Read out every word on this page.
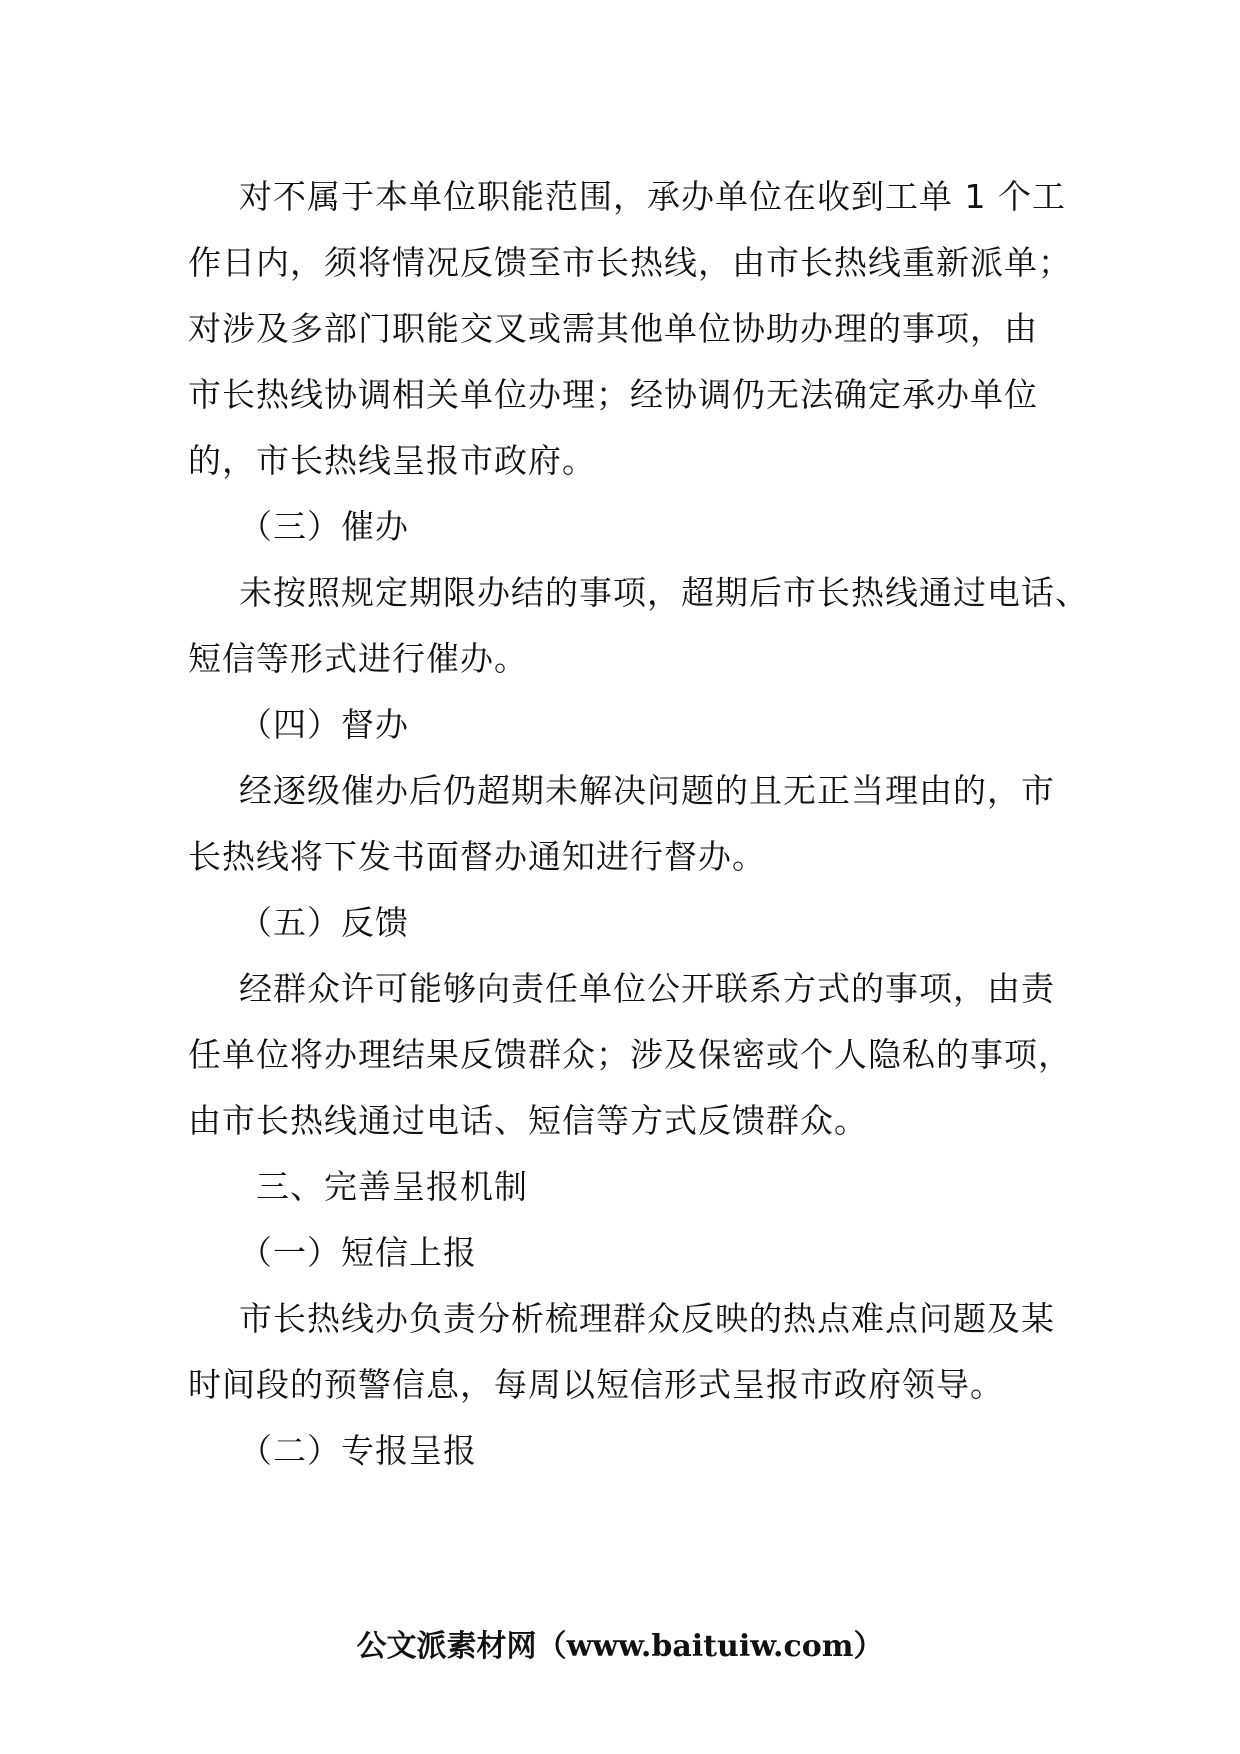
对不属于本单位职能范围，承办单位在收到工单 1 个工
作日内，须将情况反馈至市长热线，由市长热线重新派单；
对涉及多部门职能交叉或需其他单位协助办理的事项，由
市长热线协调相关单位办理；经协调仍无法确定承办单位
的，市长热线呈报市政府。
（三）催办
未按照规定期限办结的事项，超期后市长热线通过电话、
短信等形式进行催办。
（四）督办
经逐级催办后仍超期未解决问题的且无正当理由的，市
长热线将下发书面督办通知进行督办。
（五）反馈
经群众许可能够向责任单位公开联系方式的事项，由责
任单位将办理结果反馈群众；涉及保密或个人隐私的事项，
由市长热线通过电话、短信等方式反馈群众。
三、完善呈报机制
（一）短信上报
市长热线办负责分析梳理群众反映的热点难点问题及某
时间段的预警信息，每周以短信形式呈报市政府领导。
（二）专报呈报
公文派素材网（www.baituiw.com）
